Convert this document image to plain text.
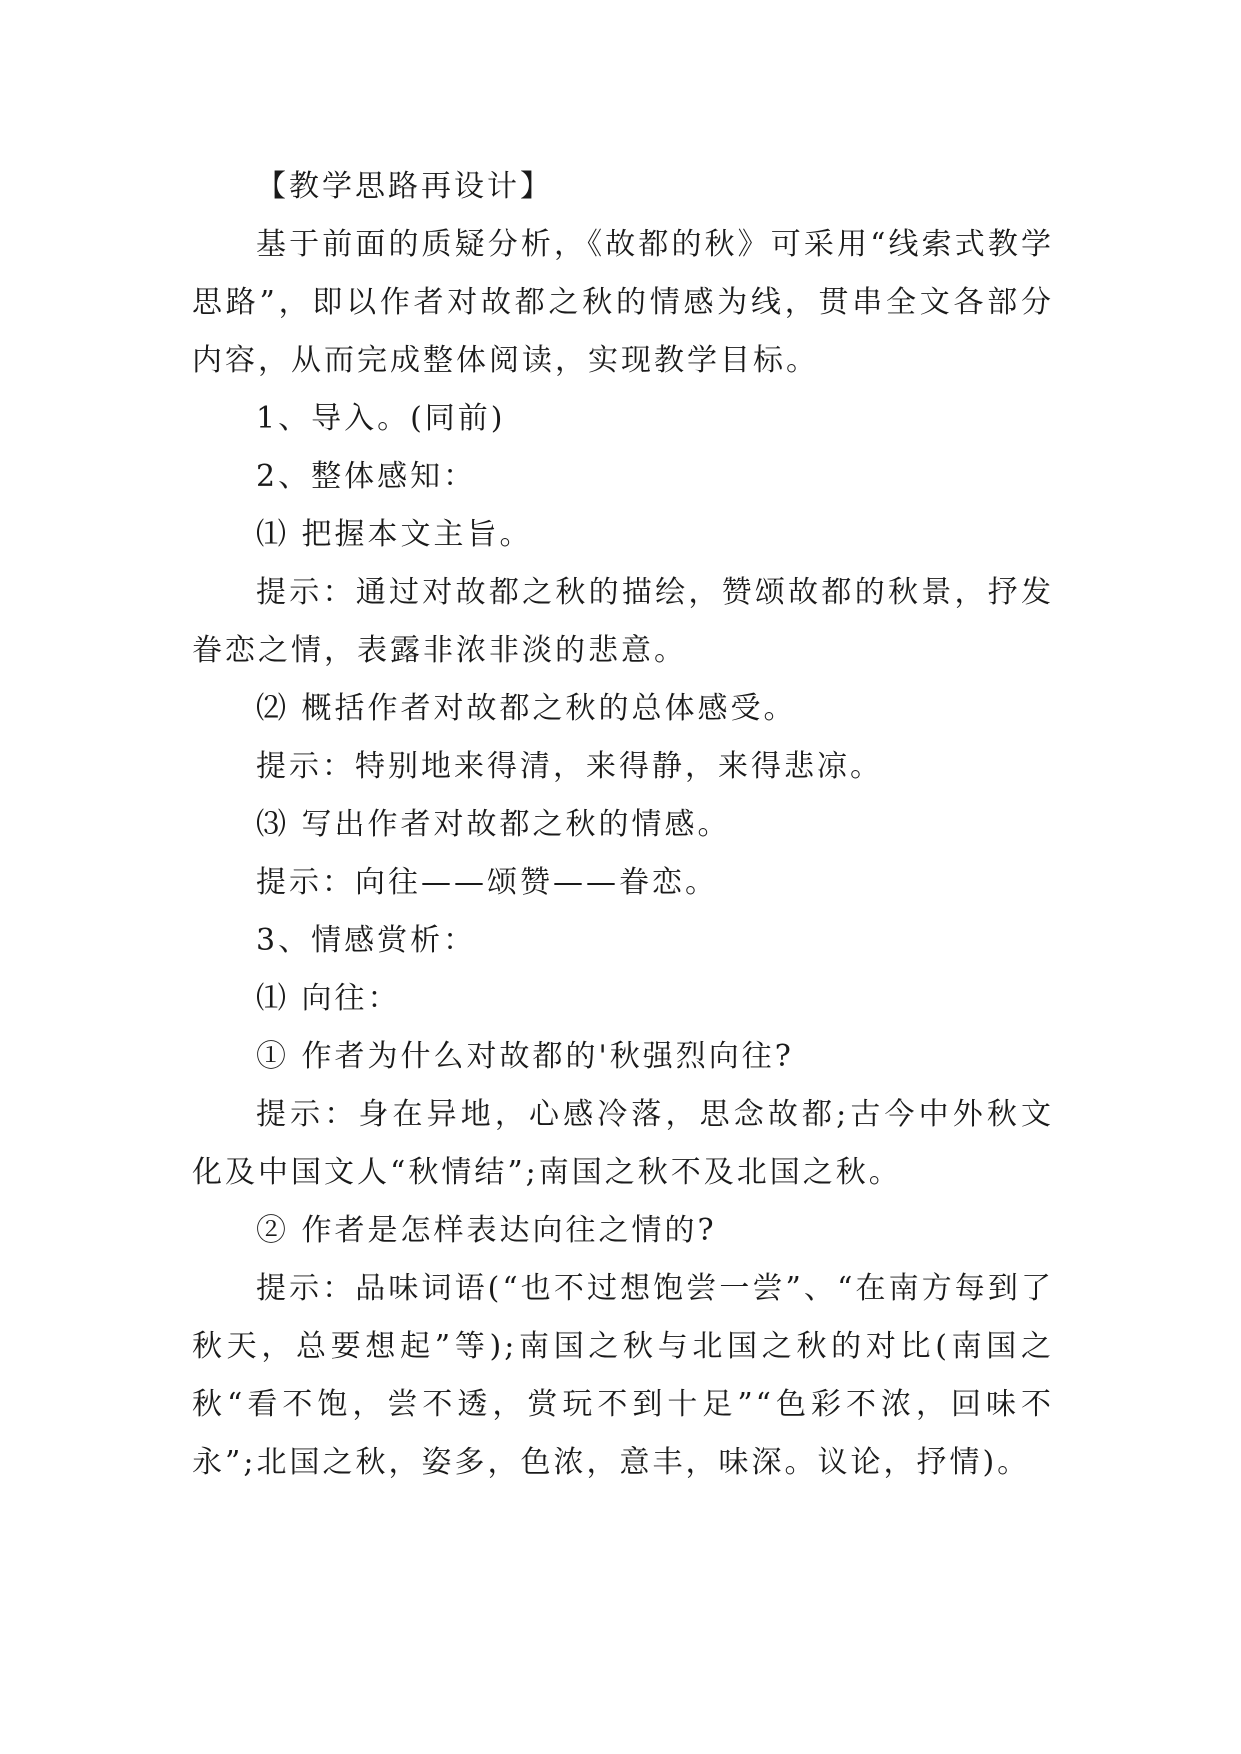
【教学思路再设计】

基于前面的质疑分析，《故都的秋》可采用“线索式教学思路”，即以作者对故都之秋的情感为线，贯串全文各部分内容，从而完成整体阅读，实现教学目标。

1、导入。(同前)

2、整体感知：

⑴ 把握本文主旨。

提示：通过对故都之秋的描绘，赞颂故都的秋景，抒发眷恋之情，表露非浓非淡的悲意。

⑵ 概括作者对故都之秋的总体感受。

提示：特别地来得清，来得静，来得悲凉。

⑶ 写出作者对故都之秋的情感。

提示：向往——颂赞——眷恋。

3、情感赏析：

⑴ 向往：

① 作者为什么对故都的'秋强烈向往?

提示：身在异地，心感冷落，思念故都;古今中外秋文化及中国文人“秋情结”;南国之秋不及北国之秋。

② 作者是怎样表达向往之情的?

提示：品味词语(“也不过想饱尝一尝”、“在南方每到了秋天，总要想起”等);南国之秋与北国之秋的对比(南国之秋“看不饱，尝不透，赏玩不到十足”“色彩不浓，回味不永”;北国之秋，姿多，色浓，意丰，味深。议论，抒情)。
